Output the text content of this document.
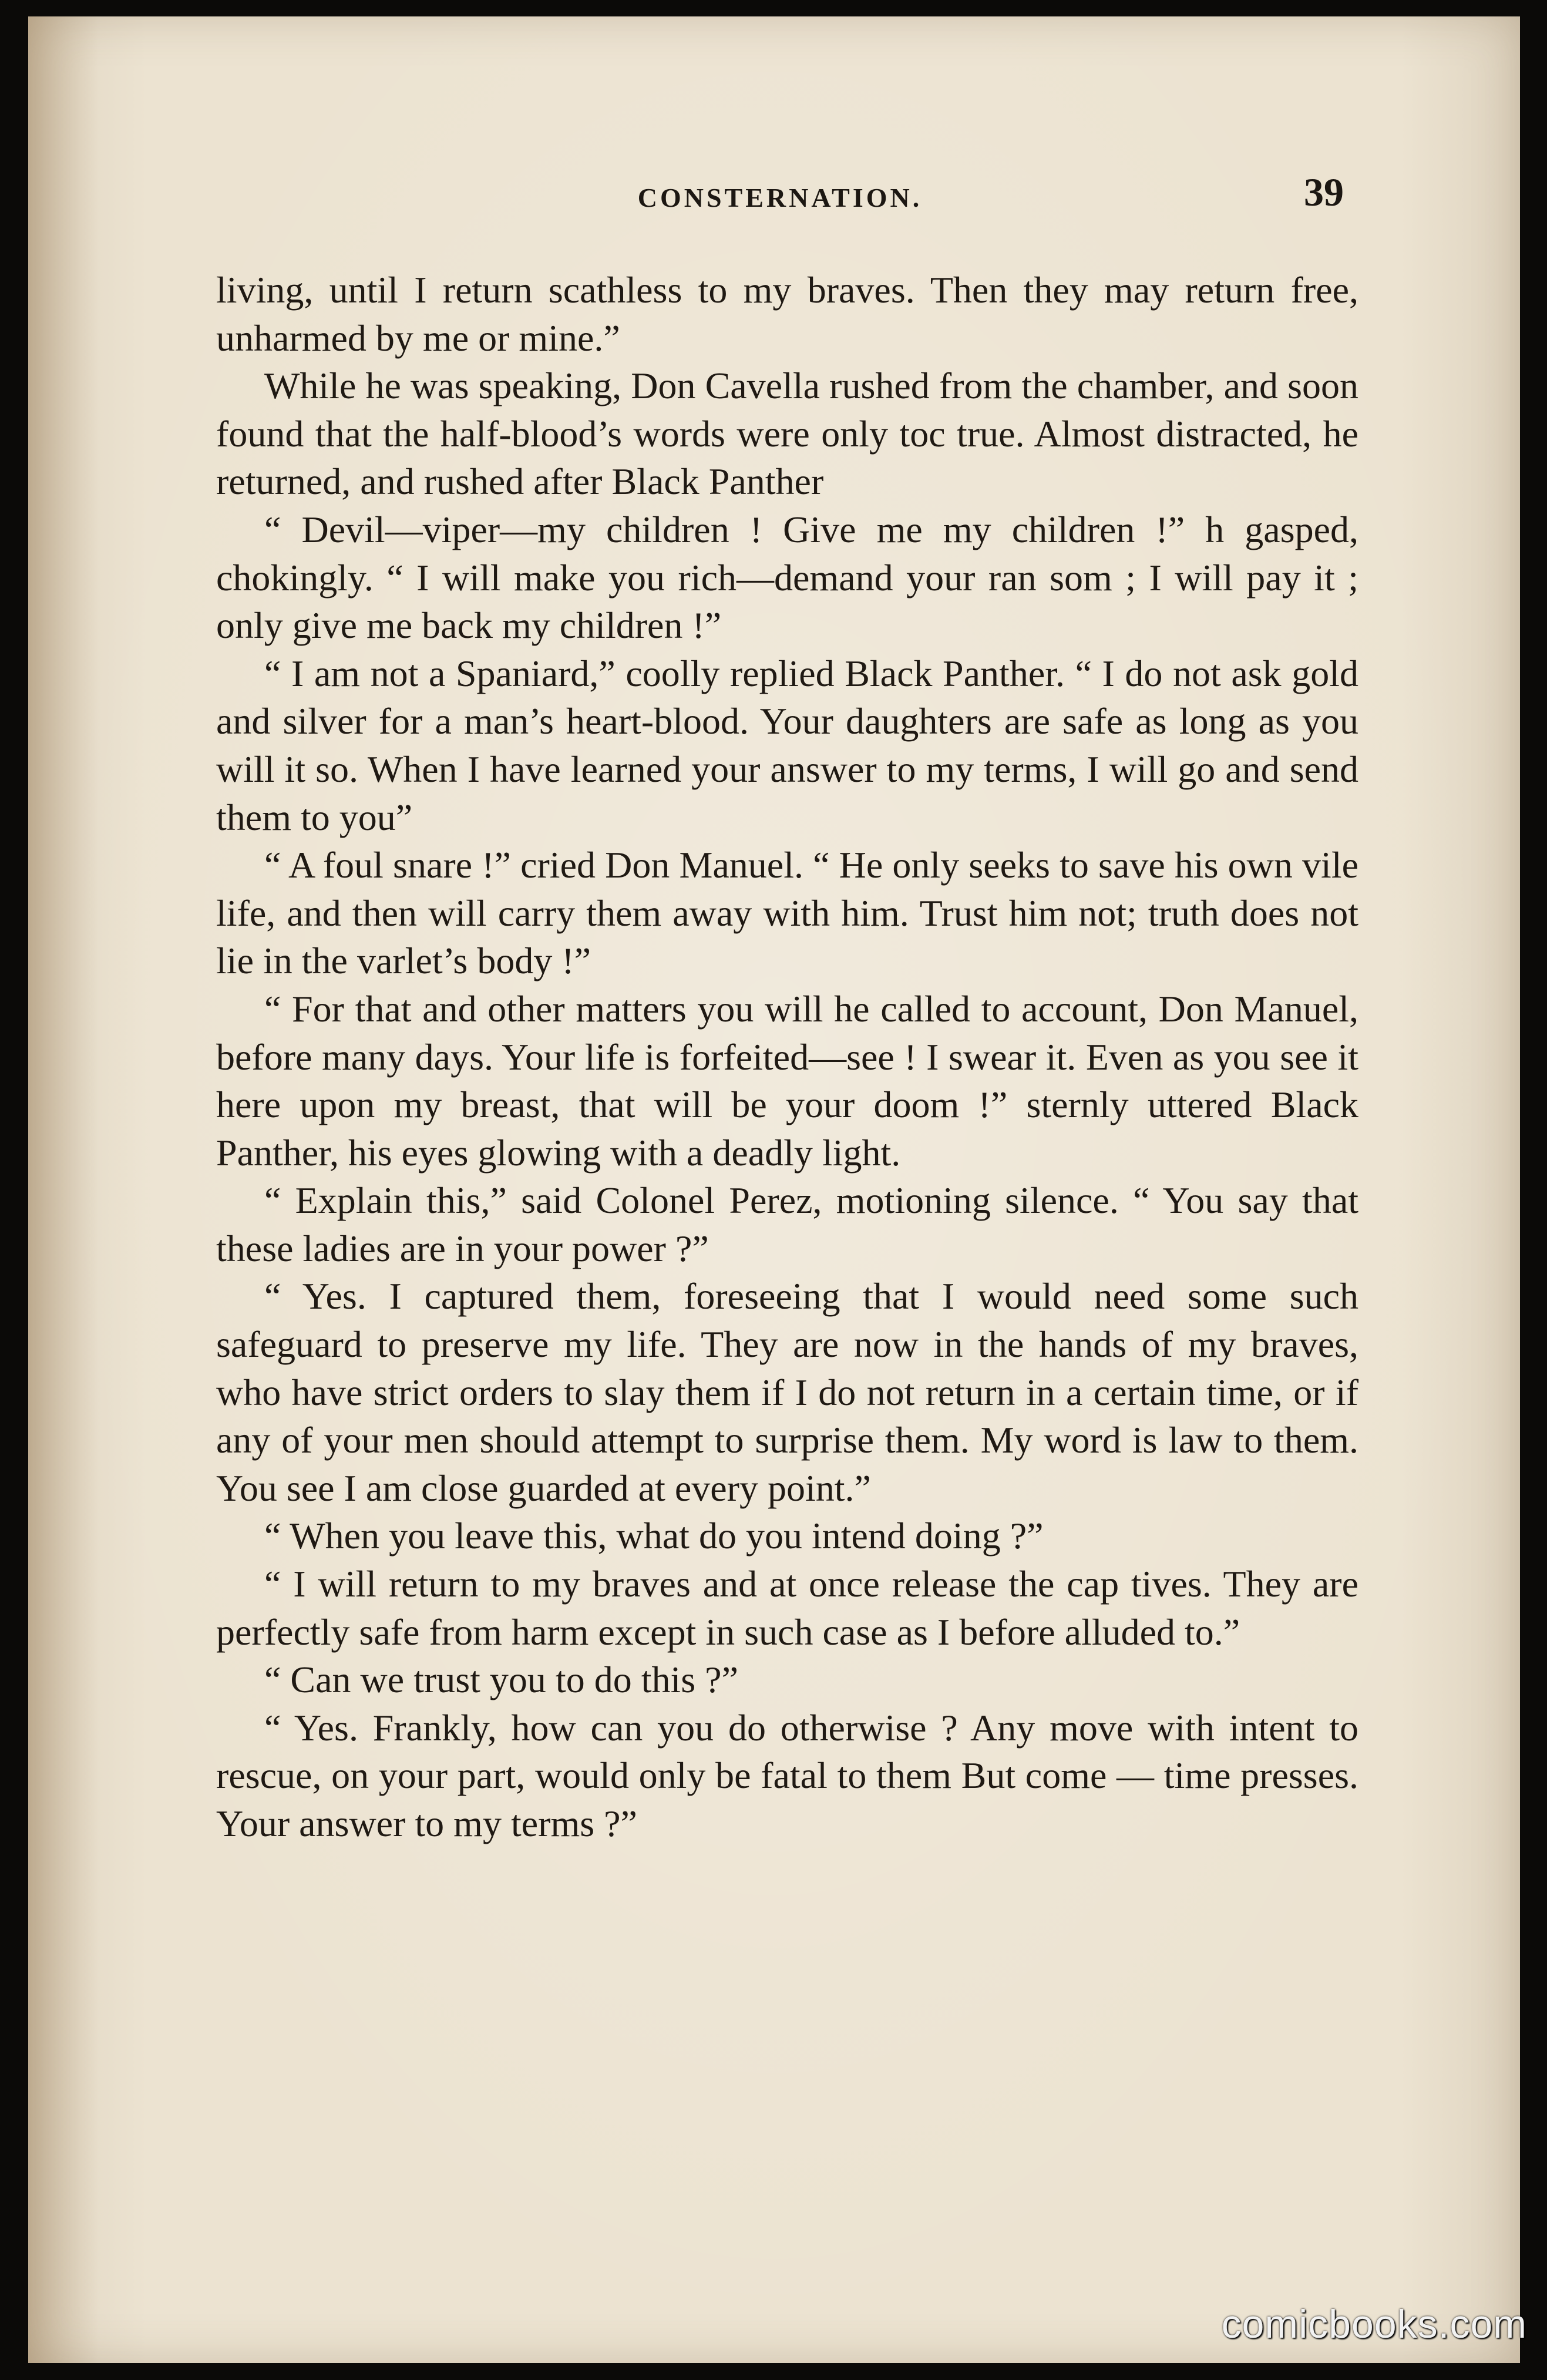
CONSTERNATION.	39

living, until I return scathless to my braves. Then they may return free, unharmed by me or mine.”

While he was speaking, Don Cavella rushed from the chamber, and soon found that the half-blood’s words were only toc true. Almost distracted, he returned, and rushed after Black Panther

“ Devil—viper—my children ! Give me my children !” h gasped, chokingly. “ I will make you rich—demand your ran som ; I will pay it ; only give me back my children !”

“ I am not a Spaniard,” coolly replied Black Panther. “ I do not ask gold and silver for a man’s heart-blood. Your daughters are safe as long as you will it so. When I have learned your answer to my terms, I will go and send them to you”

“ A foul snare !” cried Don Manuel. “ He only seeks to save his own vile life, and then will carry them away with him. Trust him not; truth does not lie in the varlet’s body !”

“ For that and other matters you will he called to account, Don Manuel, before many days. Your life is forfeited—see ! I swear it. Even as you see it here upon my breast, that will be your doom !” sternly uttered Black Panther, his eyes glowing with a deadly light.

“ Explain this,” said Colonel Perez, motioning silence. “ You say that these ladies are in your power ?”

“ Yes. I captured them, foreseeing that I would need some such safeguard to preserve my life. They are now in the hands of my braves, who have strict orders to slay them if I do not return in a certain time, or if any of your men should attempt to surprise them. My word is law to them. You see I am close guarded at every point.”

“ When you leave this, what do you intend doing ?”

“ I will return to my braves and at once release the cap tives. They are perfectly safe from harm except in such case as I before alluded to.”

“ Can we trust you to do this ?”

“ Yes. Frankly, how can you do otherwise ? Any move with intent to rescue, on your part, would only be fatal to them But come — time presses. Your answer to my terms ?”

comicbooks.com
